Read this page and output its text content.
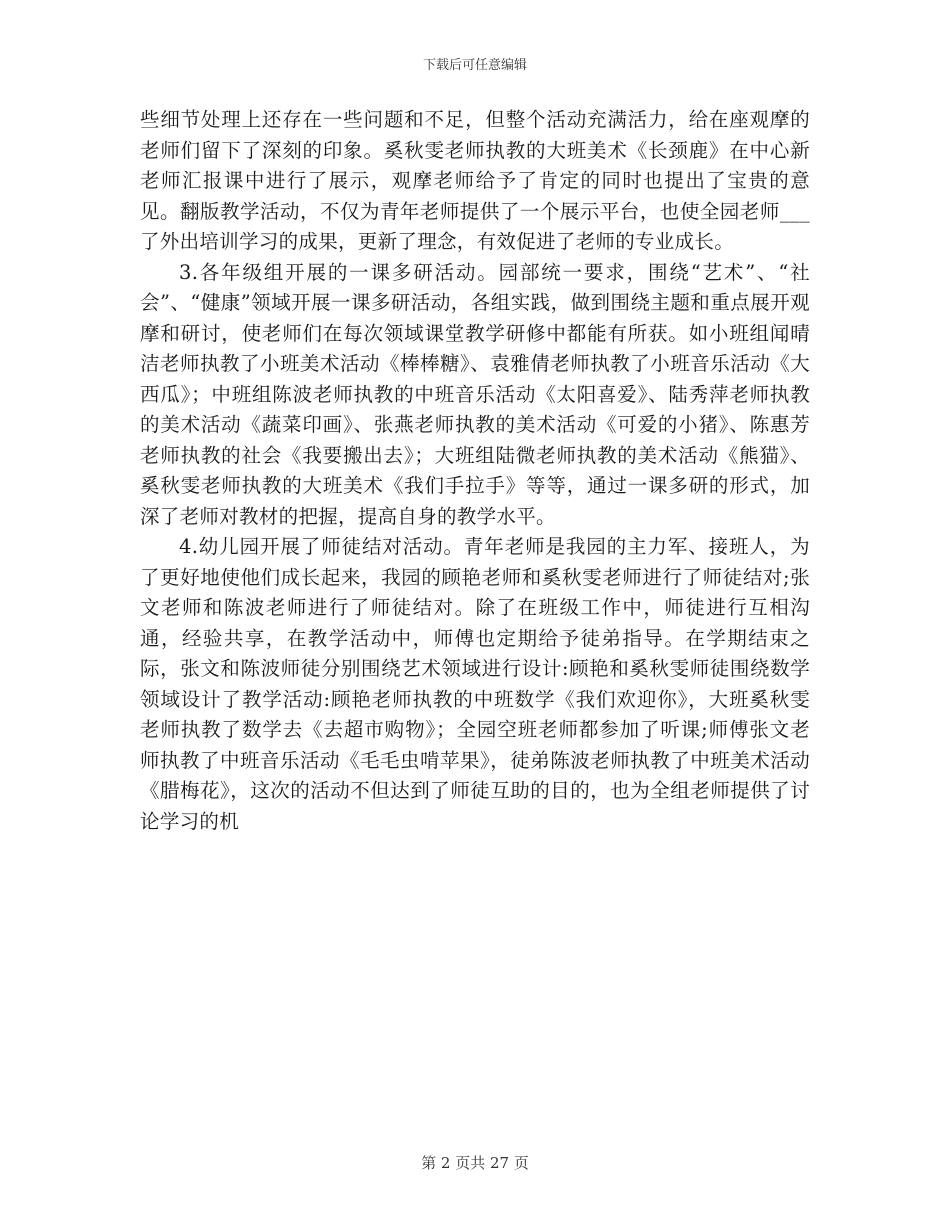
下载后可任意编辑

些细节处理上还存在一些问题和不足，但整个活动充满活力，给在座观摩的老师们留下了深刻的印象。奚秋雯老师执教的大班美术《长颈鹿》在中心新老师汇报课中进行了展示，观摩老师给予了肯定的同时也提出了宝贵的意见。翻版教学活动，不仅为青年老师提供了一个展示平台，也使全园老师___了外出培训学习的成果，更新了理念，有效促进了老师的专业成长。

3.各年级组开展的一课多研活动。园部统一要求，围绕“艺术”、“社会”、“健康”领域开展一课多研活动，各组实践，做到围绕主题和重点展开观摩和研讨，使老师们在每次领域课堂教学研修中都能有所获。如小班组闻晴洁老师执教了小班美术活动《棒棒糖》、袁雅倩老师执教了小班音乐活动《大西瓜》；中班组陈波老师执教的中班音乐活动《太阳喜爱》、陆秀萍老师执教的美术活动《蔬菜印画》、张燕老师执教的美术活动《可爱的小猪》、陈惠芳老师执教的社会《我要搬出去》；大班组陆微老师执教的美术活动《熊猫》、奚秋雯老师执教的大班美术《我们手拉手》等等，通过一课多研的形式，加深了老师对教材的把握，提高自身的教学水平。

4.幼儿园开展了师徒结对活动。青年老师是我园的主力军、接班人，为了更好地使他们成长起来，我园的顾艳老师和奚秋雯老师进行了师徒结对;张文老师和陈波老师进行了师徒结对。除了在班级工作中，师徒进行互相沟通，经验共享，在教学活动中，师傅也定期给予徒弟指导。在学期结束之际，张文和陈波师徒分别围绕艺术领域进行设计:顾艳和奚秋雯师徒围绕数学领域设计了教学活动:顾艳老师执教的中班数学《我们欢迎你》，大班奚秋雯老师执教了数学去《去超市购物》；全园空班老师都参加了听课;师傅张文老师执教了中班音乐活动《毛毛虫啃苹果》，徒弟陈波老师执教了中班美术活动《腊梅花》，这次的活动不但达到了师徒互助的目的，也为全组老师提供了讨论学习的机

第 2 页共 27 页
